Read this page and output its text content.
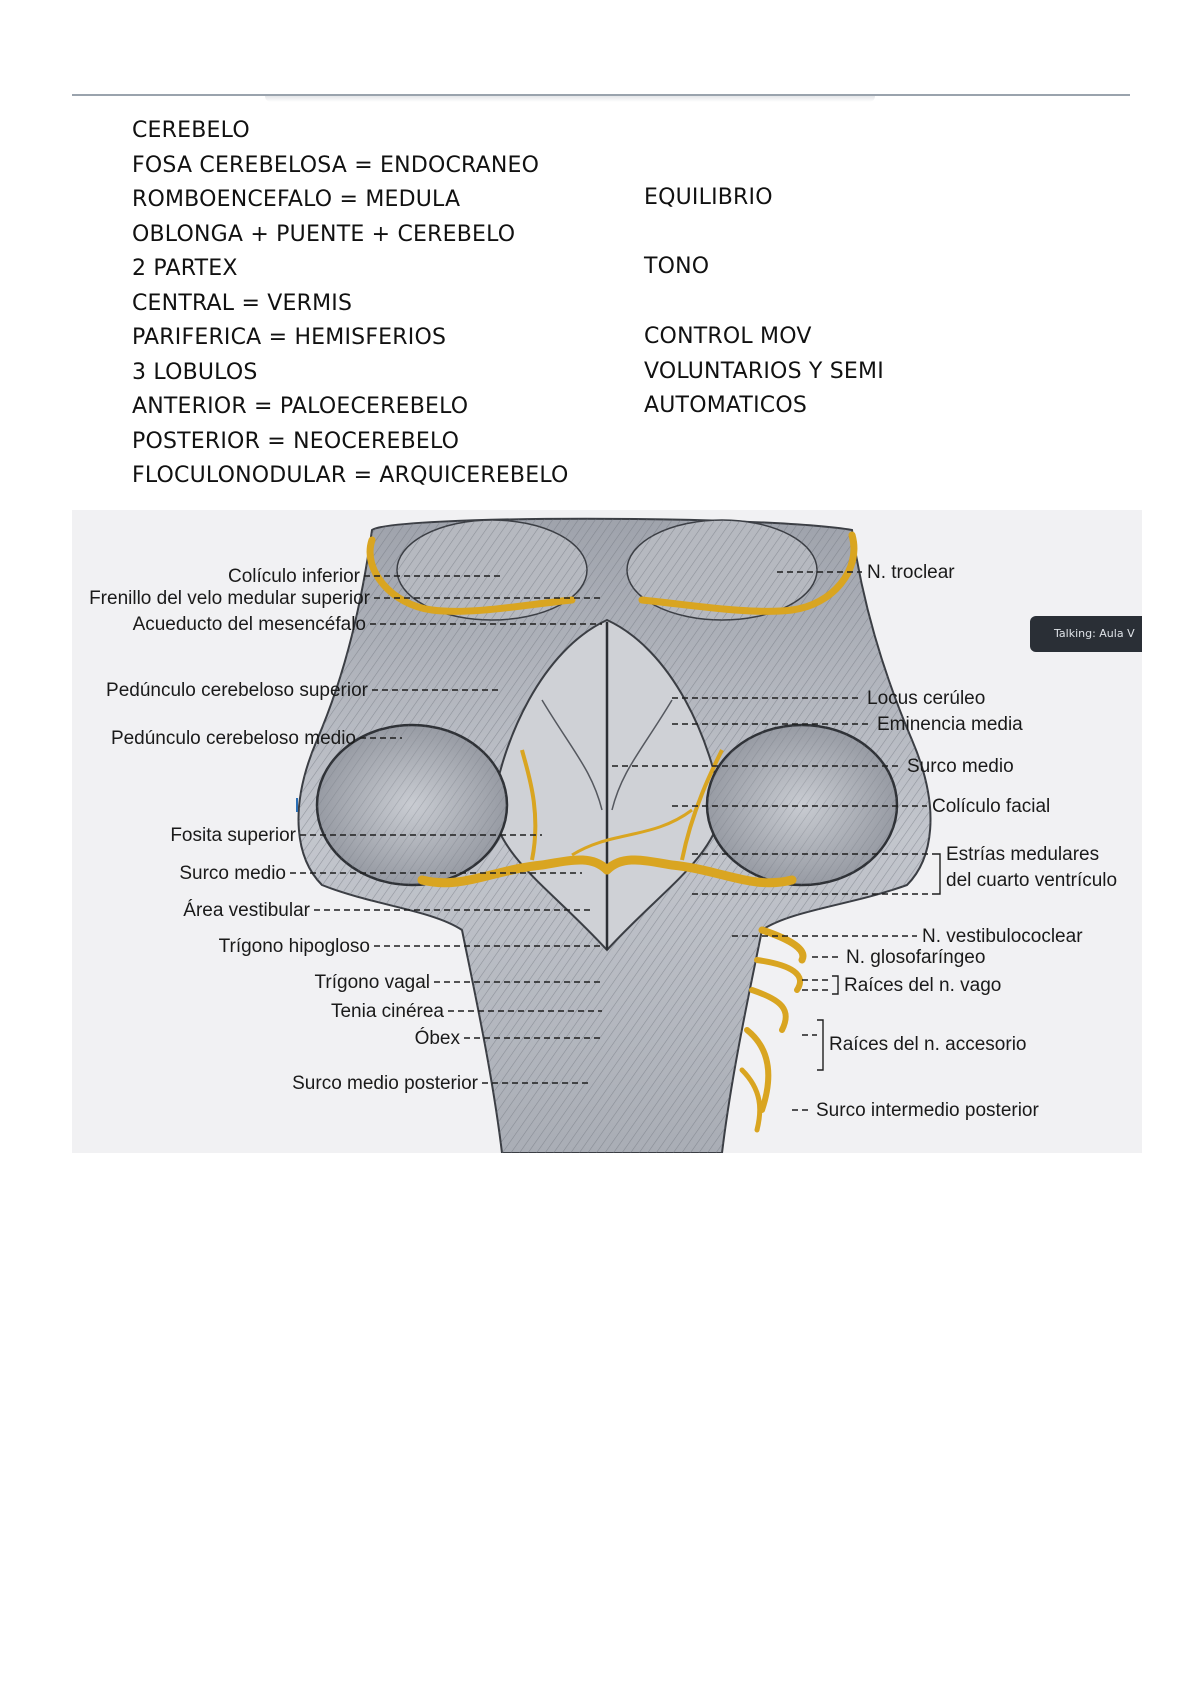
CEREBELO
FOSA CEREBELOSA = ENDOCRANEO
ROMBOENCEFALO = MEDULA
OBLONGA + PUENTE + CEREBELO
2 PARTEX
CENTRAL = VERMIS
PARIFERICA = HEMISFERIOS
3 LOBULOS
ANTERIOR = PALOECEREBELO
POSTERIOR = NEOCEREBELO
FLOCULONODULAR = ARQUICEREBELO
EQUILIBRIO
TONO
CONTROL MOV
VOLUNTARIOS Y SEMI
AUTOMATICOS
Colículo inferior
Frenillo del velo medular superior
Acueducto del mesencéfalo
Pedúnculo cerebeloso superior
Pedúnculo cerebeloso medio
Fosita superior
Surco medio
Área vestibular
Trígono hipogloso
Trígono vagal
Tenia cinérea
Óbex
Surco medio posterior
N. troclear
Locus cerúleo
Eminencia media
Surco medio
Colículo facial
Estrías medulares
del cuarto ventrículo
N. vestibulococlear
N. glosofaríngeo
Raíces del n. vago
Raíces del n. accesorio
Surco intermedio posterior
Talking: Aula V
